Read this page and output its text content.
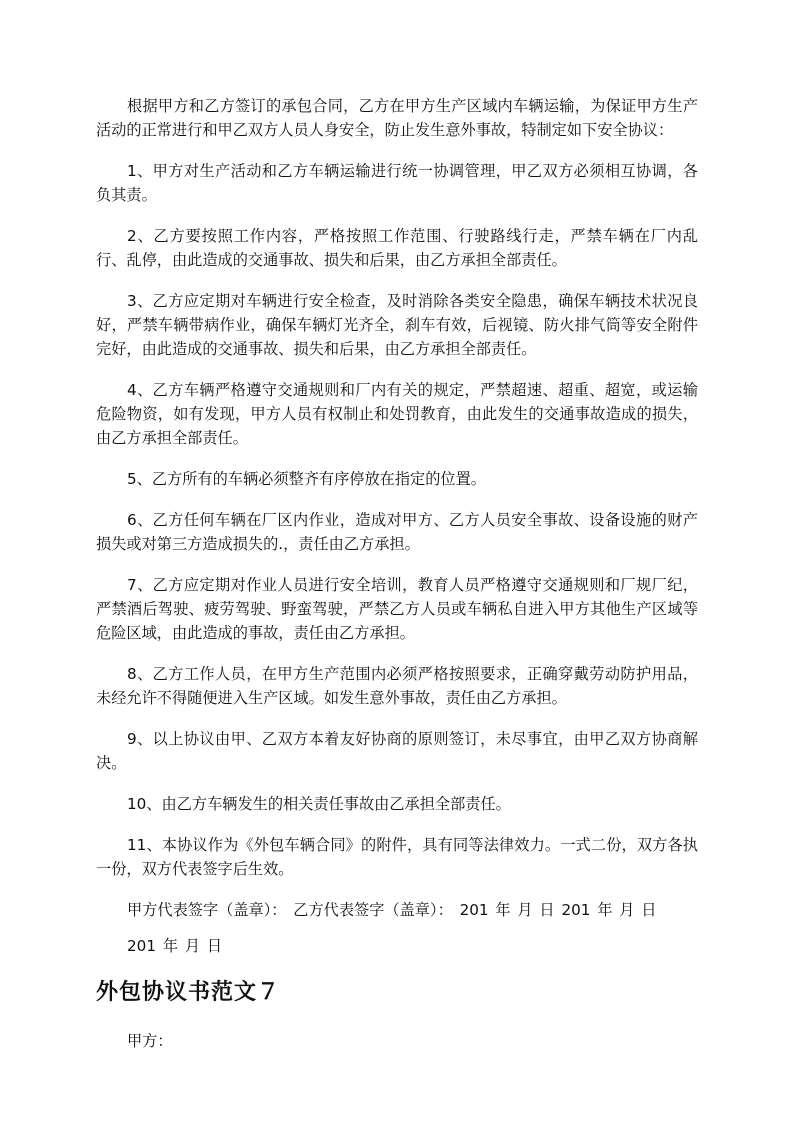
根据甲方和乙方签订的承包合同，乙方在甲方生产区域内车辆运输，为保证甲方生产活动的正常进行和甲乙双方人员人身安全，防止发生意外事故，特制定如下安全协议：

1、甲方对生产活动和乙方车辆运输进行统一协调管理，甲乙双方必须相互协调，各负其责。

2、乙方要按照工作内容，严格按照工作范围、行驶路线行走，严禁车辆在厂内乱行、乱停，由此造成的交通事故、损失和后果，由乙方承担全部责任。

3、乙方应定期对车辆进行安全检查，及时消除各类安全隐患，确保车辆技术状况良好，严禁车辆带病作业，确保车辆灯光齐全，刹车有效，后视镜、防火排气筒等安全附件完好，由此造成的交通事故、损失和后果，由乙方承担全部责任。

4、乙方车辆严格遵守交通规则和厂内有关的规定，严禁超速、超重、超宽，或运输危险物资，如有发现，甲方人员有权制止和处罚教育，由此发生的交通事故造成的损失，由乙方承担全部责任。

5、乙方所有的车辆必须整齐有序停放在指定的位置。

6、乙方任何车辆在厂区内作业，造成对甲方、乙方人员安全事故、设备设施的财产损失或对第三方造成损失的.，责任由乙方承担。

7、乙方应定期对作业人员进行安全培训，教育人员严格遵守交通规则和厂规厂纪，严禁酒后驾驶、疲劳驾驶、野蛮驾驶，严禁乙方人员或车辆私自进入甲方其他生产区域等危险区域，由此造成的事故，责任由乙方承担。

8、乙方工作人员，在甲方生产范围内必须严格按照要求，正确穿戴劳动防护用品，未经允许不得随便进入生产区域。如发生意外事故，责任由乙方承担。

9、以上协议由甲、乙双方本着友好协商的原则签订，未尽事宜，由甲乙双方协商解决。

10、由乙方车辆发生的相关责任事故由乙承担全部责任。

11、本协议作为《外包车辆合同》的附件，具有同等法律效力。一式二份，双方各执一份，双方代表签字后生效。

甲方代表签字（盖章）： 乙方代表签字（盖章）： 201 年 月 日 201 年 月 日

201 年 月 日

外包协议书范文７

甲方：
